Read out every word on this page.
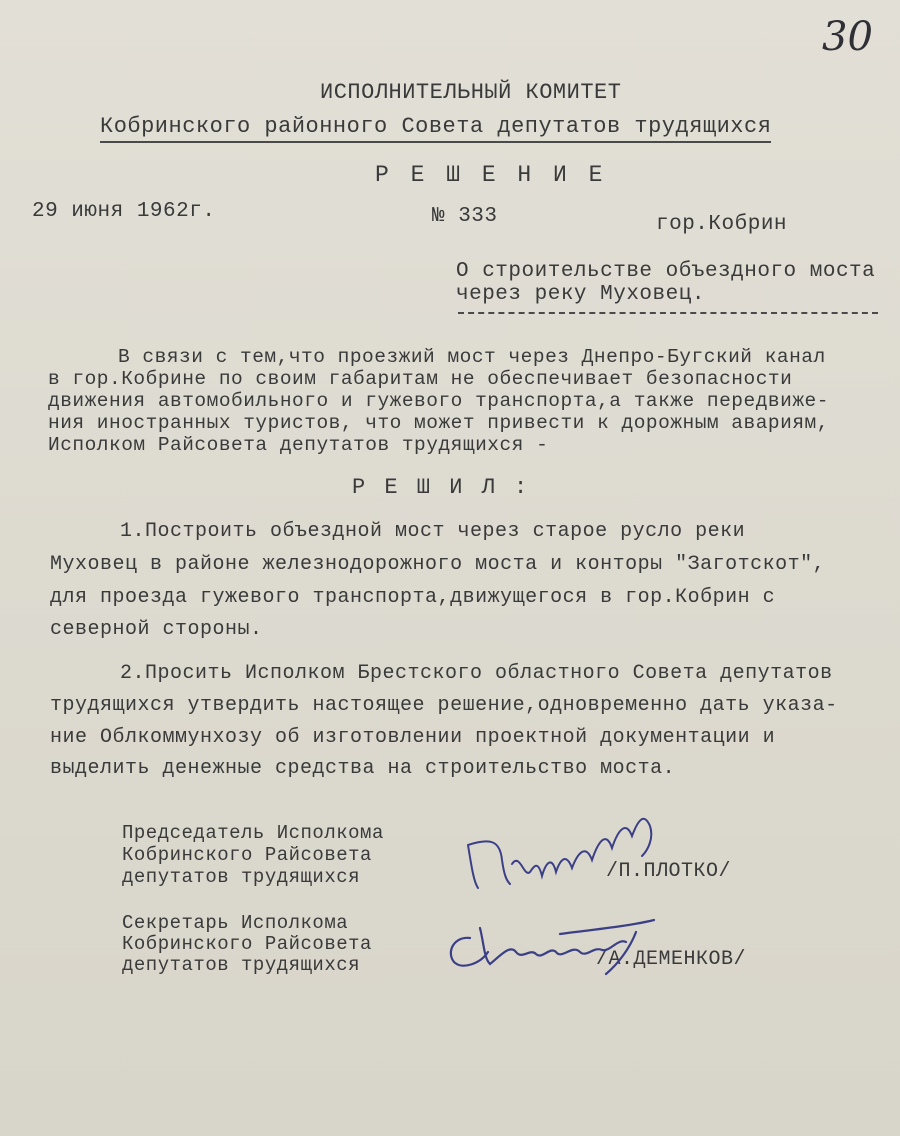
30
ИСПОЛНИТЕЛЬНЫЙ КОМИТЕТ
Кобринского районного Совета депутатов трудящихся
Р Е Ш Е Н И Е
29 июня 1962г.	№ 333	гор.Кобрин
О строительстве объездного моста
через реку Муховец.
В связи с тем,что проезжий мост через Днепро-Бугский канал
в гор.Кобрине по своим габаритам не обеспечивает безопасности
движения автомобильного и гужевого транспорта,а также передвиже-
ния иностранных туристов, что может привести к дорожным авариям,
Исполком Райсовета депутатов трудящихся -
Р Е Ш И Л :
1.Построить объездной мост через старое русло реки
Муховец в районе железнодорожного моста и конторы "Заготскот",
для проезда гужевого транспорта,движущегося в гор.Кобрин с
северной стороны.
2.Просить Исполком Брестского областного Совета депутатов
трудящихся утвердить настоящее решение,одновременно дать указа-
ние Облкоммунхозу об изготовлении проектной документации и
выделить денежные средства на строительство моста.
Председатель Исполкома
Кобринского Райсовета
депутатов трудящихся	/П.ПЛОТКО/
Секретарь Исполкома
Кобринского Райсовета
депутатов трудящихся	/А.ДЕМЕНКОВ/
